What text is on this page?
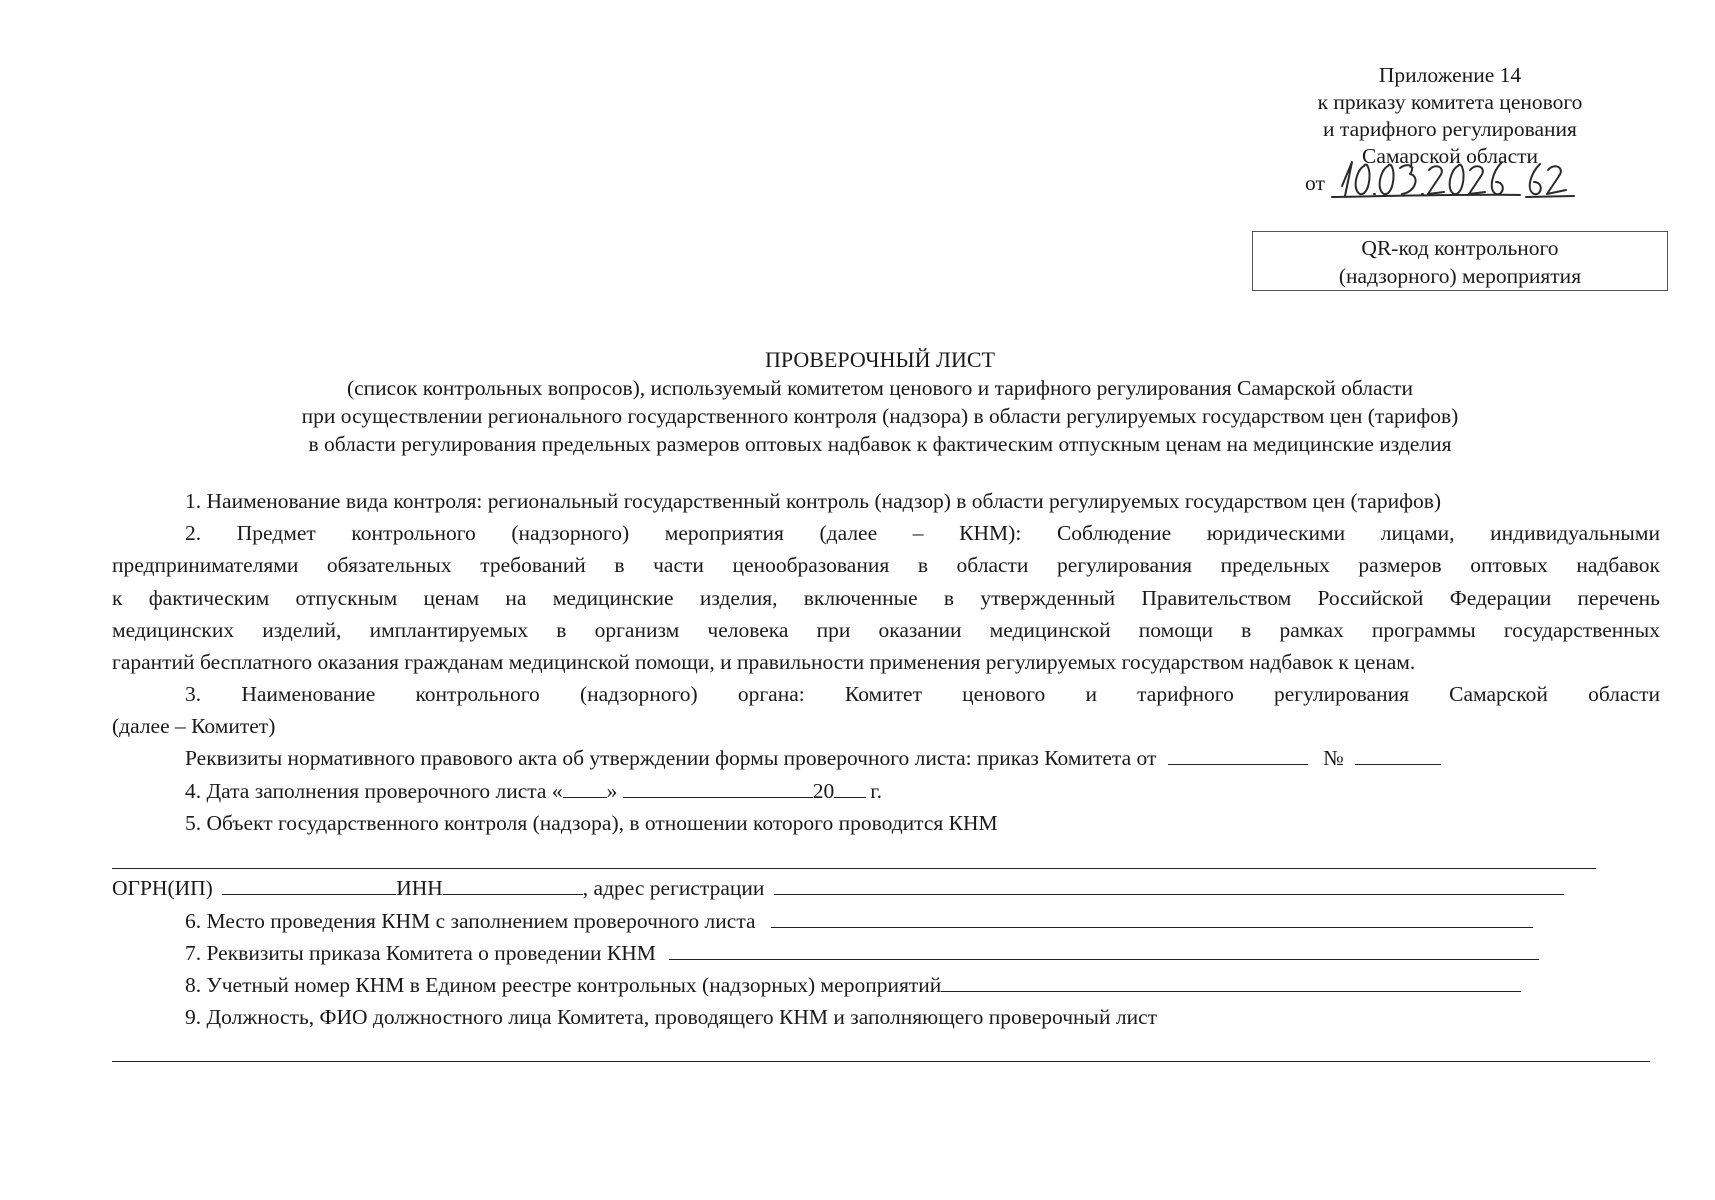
Приложение 14
к приказу комитета ценового
и тарифного регулирования
Самарской области
от
QR-код контрольного
(надзорного) мероприятия
ПРОВЕРОЧНЫЙ ЛИСТ
(список контрольных вопросов), используемый комитетом ценового и тарифного регулирования Самарской области
при осуществлении регионального государственного контроля (надзора) в области регулируемых государством цен (тарифов)
в области регулирования предельных размеров оптовых надбавок к фактическим отпускным ценам на медицинские изделия
1. Наименование вида контроля: региональный государственный контроль (надзор) в области регулируемых государством цен (тарифов)
2. Предмет контрольного (надзорного) мероприятия (далее – КНМ): Соблюдение юридическими лицами, индивидуальными
предпринимателями обязательных требований в части ценообразования в области регулирования предельных размеров оптовых надбавок
к фактическим отпускным ценам на медицинские изделия, включенные в утвержденный Правительством Российской Федерации перечень
медицинских изделий, имплантируемых в организм человека при оказании медицинской помощи в рамках программы государственных
гарантий бесплатного оказания гражданам медицинской помощи, и правильности применения регулируемых государством надбавок к ценам.
3. Наименование контрольного (надзорного) органа: Комитет ценового и тарифного регулирования Самарской области
(далее – Комитет)
Реквизиты нормативного правового акта об утверждении формы проверочного листа: приказ Комитета от	№
4. Дата заполнения проверочного листа « »	20 г.
5. Объект государственного контроля (надзора), в отношении которого проводится КНМ
ОГРН(ИП)	ИНН	, адрес регистрации
6. Место проведения КНМ с заполнением проверочного листа
7. Реквизиты приказа Комитета о проведении КНМ
8. Учетный номер КНМ в Едином реестре контрольных (надзорных) мероприятий
9. Должность, ФИО должностного лица Комитета, проводящего КНМ и заполняющего проверочный лист
